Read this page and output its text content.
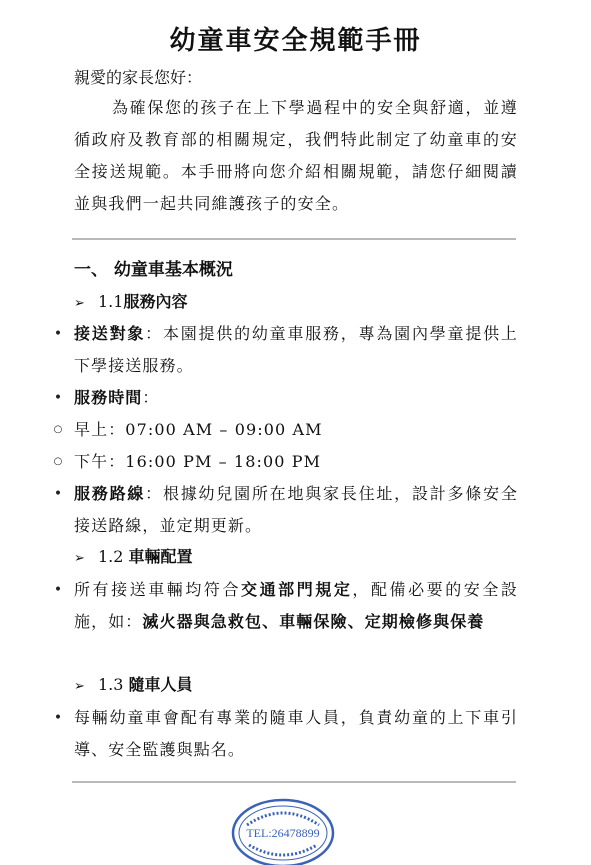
幼童車安全規範手冊
親愛的家長您好：
為確保您的孩子在上下學過程中的安全與舒適，並遵循政府及教育部的相關規定，我們特此制定了幼童車的安全接送規範。本手冊將向您介紹相關規範，請您仔細閱讀並與我們一起共同維護孩子的安全。
一、 幼童車基本概況
➢ 1.1服務內容
• 接送對象：本園提供的幼童車服務，專為園內學童提供上下學接送服務。
• 服務時間：
○ 早上：07:00 AM – 09:00 AM
○ 下午：16:00 PM – 18:00 PM
• 服務路線：根據幼兒園所在地與家長住址，設計多條安全接送路線，並定期更新。
➢ 1.2 車輛配置
• 所有接送車輛均符合交通部門規定，配備必要的安全設施，如：滅火器與急救包、車輛保險、定期檢修與保養
➢ 1.3 隨車人員
• 每輛幼童車會配有專業的隨車人員，負責幼童的上下車引導、安全監護與點名。
TEL:26478899
